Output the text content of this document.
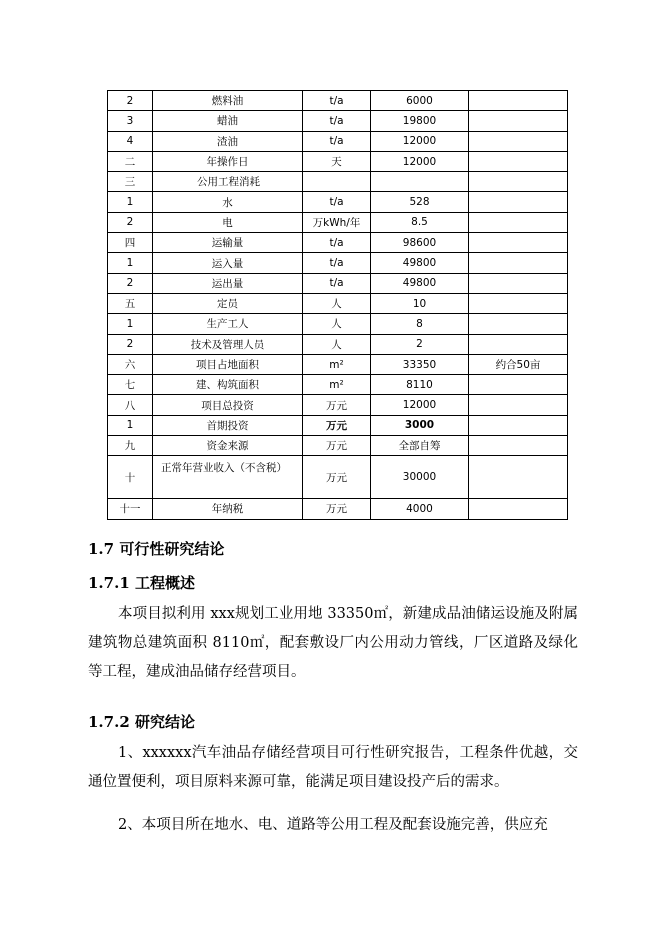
2	燃料油	t/a	6000	
3	蜡油	t/a	19800	
4	渣油	t/a	12000	
二	年操作日	天	12000	
三	公用工程消耗			
1	水	t/a	528	
2	电	万kWh/年	8.5	
四	运输量	t/a	98600	
1	运入量	t/a	49800	
2	运出量	t/a	49800	
五	定员	人	10	
1	生产工人	人	8	
2	技术及管理人员	人	2	
六	项目占地面积	m²	33350	约合50亩
七	建、构筑面积	m²	8110	
八	项目总投资	万元	12000	
1	首期投资	万元	3000	
九	资金来源	万元	全部自筹	
十	正常年营业收入（不含税）	万元	30000	
十一	年纳税	万元	4000	
1.7 可行性研究结论
1.7.1 工程概述

本项目拟利用 xxx规划工业用地 33350㎡，新建成品油储运设施及附属建筑物总建筑面积 8110㎡，配套敷设厂内公用动力管线，厂区道路及绿化等工程，建成油品储存经营项目。

1.7.2 研究结论

1、xxxxxx汽车油品存储经营项目可行性研究报告，工程条件优越，交通位置便利，项目原料来源可靠，能满足项目建设投产后的需求。

2、本项目所在地水、电、道路等公用工程及配套设施完善，供应充
